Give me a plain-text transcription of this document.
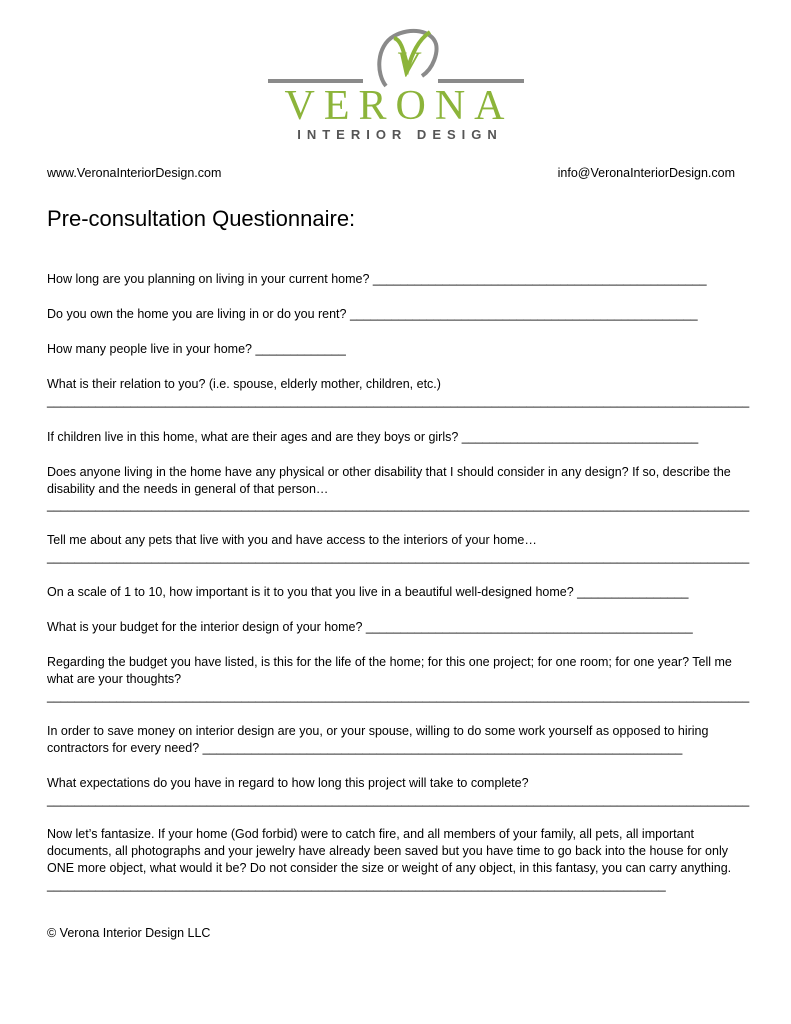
V
VERONA
INTERIOR DESIGN
www.VeronaInteriorDesign.com	info@VeronaInteriorDesign.com
Pre-consultation Questionnaire:
How long are you planning on living in your current home? ________________________________________________
Do you own the home you are living in or do you rent? __________________________________________________
How many people live in your home? _____________
What is their relation to you? (i.e. spouse, elderly mother, children, etc.)
_____________________________________________________________________________________________________
If children live in this home, what are their ages and are they boys or girls? __________________________________
Does anyone living in the home have any physical or other disability that I should consider in any design? If so, describe the disability and the needs in general of that person…
_____________________________________________________________________________________________________
Tell me about any pets that live with you and have access to the interiors of your home…
_____________________________________________________________________________________________________
On a scale of 1 to 10, how important is it to you that you live in a beautiful well-designed home? ________________
What is your budget for the interior design of your home? _______________________________________________
Regarding the budget you have listed, is this for the life of the home; for this one project; for one room; for one year? Tell me what are your thoughts?
_____________________________________________________________________________________________________
In order to save money on interior design are you, or your spouse, willing to do some work yourself as opposed to hiring contractors for every need? _____________________________________________________________________
What expectations do you have in regard to how long this project will take to complete?
_____________________________________________________________________________________________________
Now let’s fantasize. If your home (God forbid) were to catch fire, and all members of your family, all pets, all important documents, all photographs and your jewelry have already been saved but you have time to go back into the house for only ONE more object, what would it be? Do not consider the size or weight of any object, in this fantasy, you can carry anything. _________________________________________________________________________________________
© Verona Interior Design LLC
